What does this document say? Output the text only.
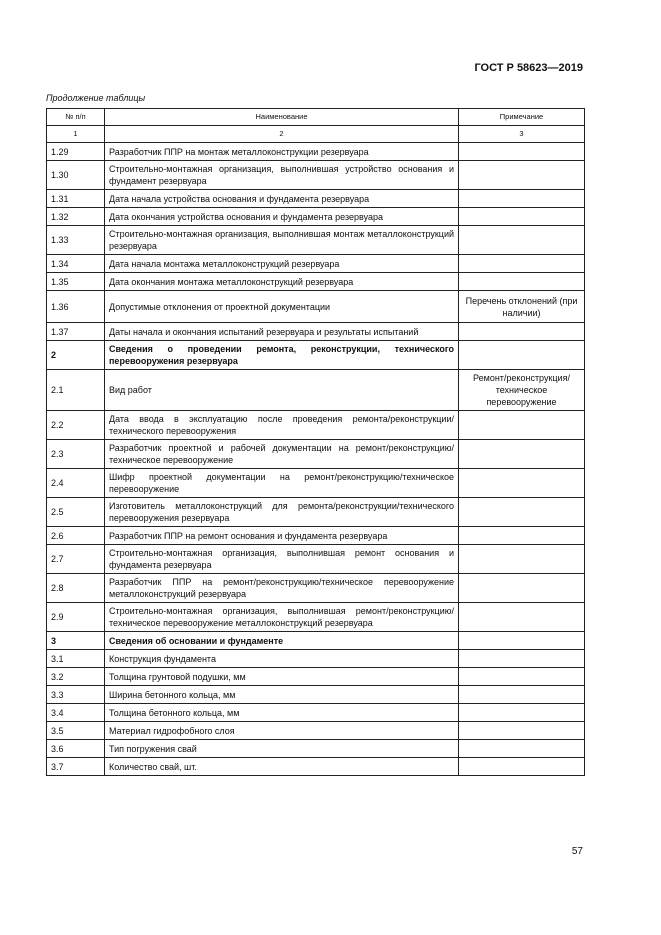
ГОСТ Р 58623—2019
Продолжение таблицы
№ п/п	Наименование	Примечание
1	2	3
1.29	Разработчик ППР на монтаж металлоконструкции резервуара	
1.30	Строительно-монтажная организация, выполнившая устройство основания и фундамент резервуара	
1.31	Дата начала устройства основания и фундамента резервуара	
1.32	Дата окончания устройства основания и фундамента резервуара	
1.33	Строительно-монтажная организация, выполнившая монтаж металлоконструкций резервуара	
1.34	Дата начала монтажа металлоконструкций резервуара	
1.35	Дата окончания монтажа металлоконструкций резервуара	
1.36	Допустимые отклонения от проектной документации	Перечень отклонений (при наличии)
1.37	Даты начала и окончания испытаний резервуара и результаты испытаний	
2	Сведения о проведении ремонта, реконструкции, технического перевооружения резервуара	
2.1	Вид работ	Ремонт/реконструкция/ техническое перевооружение
2.2	Дата ввода в эксплуатацию после проведения ремонта/реконструкции/ технического перевооружения	
2.3	Разработчик проектной и рабочей документации на ремонт/реконструкцию/техническое перевооружение	
2.4	Шифр проектной документации на ремонт/реконструкцию/техническое перевооружение	
2.5	Изготовитель металлоконструкций для ремонта/реконструкции/технического перевооружения резервуара	
2.6	Разработчик ППР на ремонт основания и фундамента резервуара	
2.7	Строительно-монтажная организация, выполнившая ремонт основания и фундамента резервуара	
2.8	Разработчик ППР на ремонт/реконструкцию/техническое перевооружение металлоконструкций резервуара	
2.9	Строительно-монтажная организация, выполнившая ремонт/реконструкцию/техническое перевооружение металлоконструкций резервуара	
3	Сведения об основании и фундаменте	
3.1	Конструкция фундамента	
3.2	Толщина грунтовой подушки, мм	
3.3	Ширина бетонного кольца, мм	
3.4	Толщина бетонного кольца, мм	
3.5	Материал гидрофобного слоя	
3.6	Тип погружения свай	
3.7	Количество свай, шт.	
57
